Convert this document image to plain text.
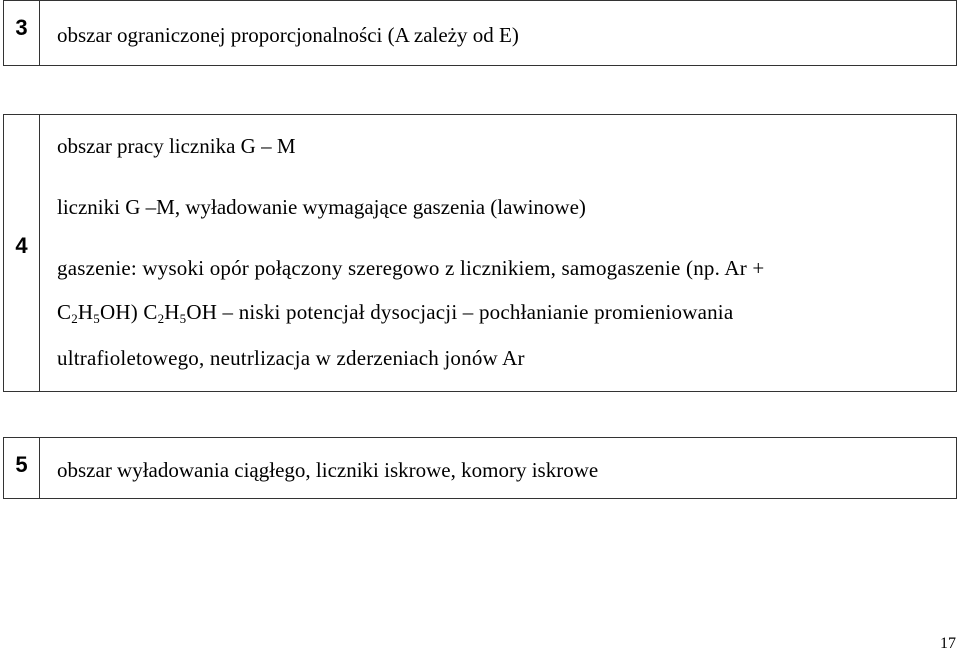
3	obszar ograniczonej proporcjonalności (A zależy od E)
4
obszar pracy licznika G – M
liczniki G –M, wyładowanie wymagające gaszenia (lawinowe)
gaszenie: wysoki opór połączony szeregowo z licznikiem, samogaszenie (np. Ar +
$C_2H_5OH$) $C_2H_5OH$ – niski potencjał dysocjacji – pochłanianie promieniowania
ultrafioletowego, neutrlizacja w zderzeniach jonów Ar
5	obszar wyładowania ciągłego, liczniki iskrowe, komory iskrowe
17
